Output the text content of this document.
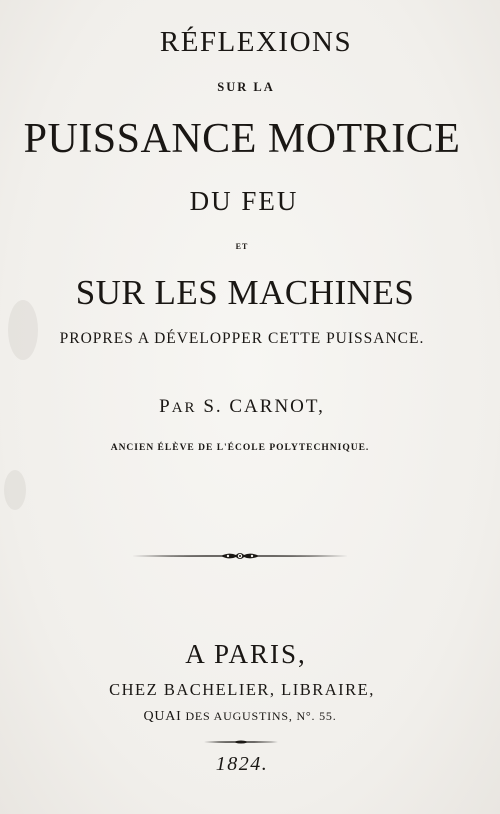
RÉFLEXIONS
SUR LA
PUISSANCE MOTRICE
DU FEU
ET
SUR LES MACHINES
PROPRES A DÉVELOPPER CETTE PUISSANCE.
PAR S. CARNOT,
ANCIEN ÉLÈVE DE L'ÉCOLE POLYTECHNIQUE.
A PARIS,
CHEZ BACHELIER, LIBRAIRE,
QUAI DES AUGUSTINS, N°. 55.
1824.
